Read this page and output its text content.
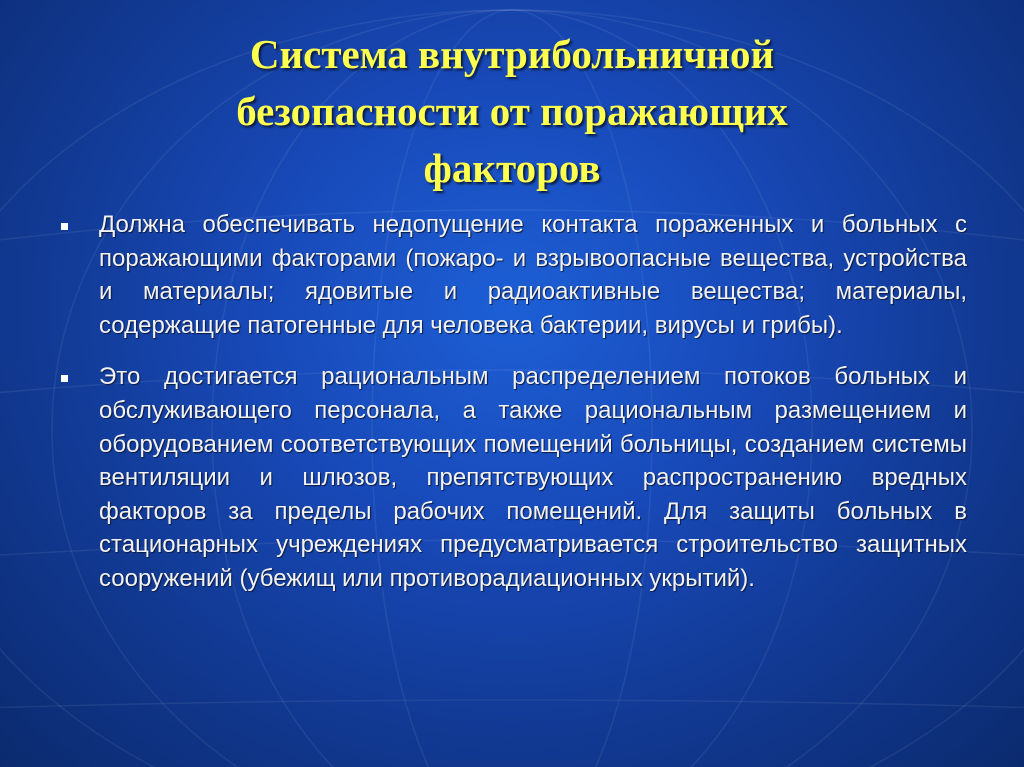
Система внутрибольничной безопасности от поражающих факторов
Должна обеспечивать недопущение контакта пораженных и больных с поражающими факторами (пожаро- и взрывоопасные вещества, устройства и материалы; ядовитые и радиоактивные вещества; материалы, содержащие патогенные для человека бактерии, вирусы и грибы).
Это достигается рациональным распределением потоков больных и обслуживающего персонала, а также рациональным размещением и оборудованием соответствующих помещений больницы, созданием системы вентиляции и шлюзов, препятствующих распространению вредных факторов за пределы рабочих помещений. Для защиты больных в стационарных учреждениях предусматривается строительство защитных сооружений (убежищ или противорадиационных укрытий).
